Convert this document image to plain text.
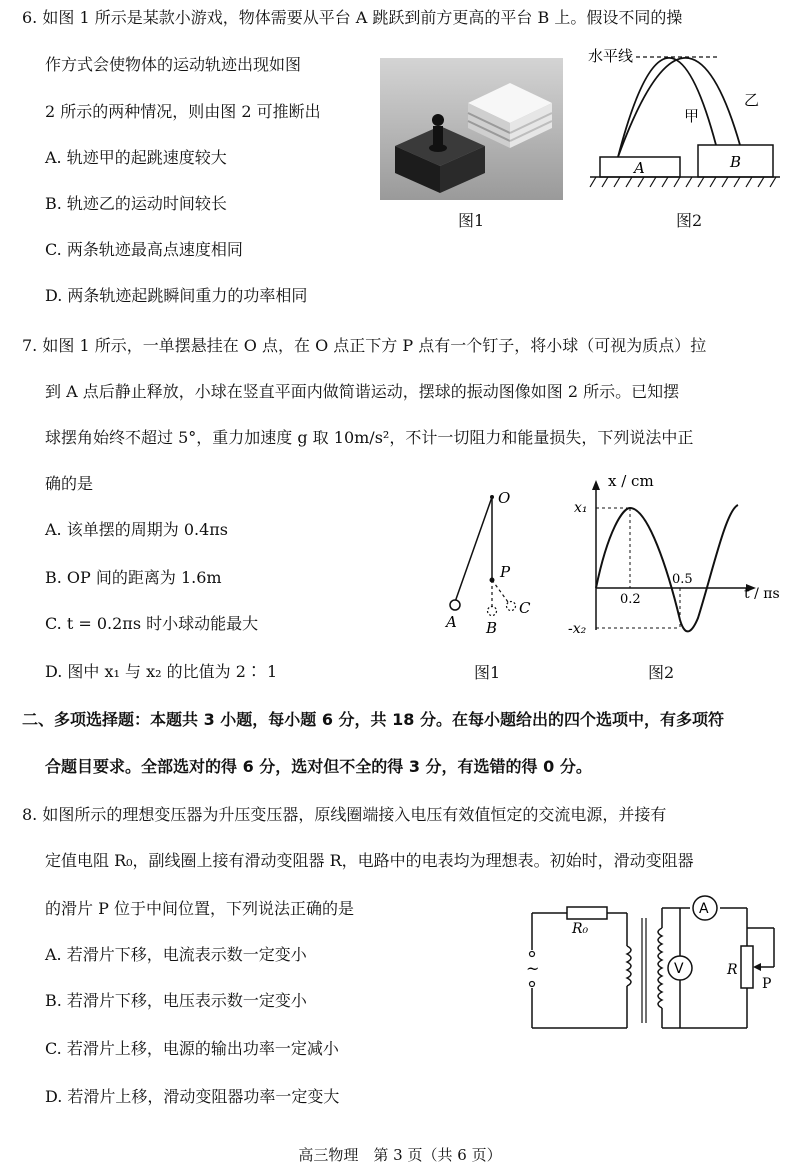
6. 如图 1 所示是某款小游戏，物体需要从平台 A 跳跃到前方更高的平台 B 上。假设不同的操
作方式会使物体的运动轨迹出现如图
2 所示的两种情况，则由图 2 可推断出
A. 轨迹甲的起跳速度较大
B. 轨迹乙的运动时间较长
C. 两条轨迹最高点速度相同
D. 两条轨迹起跳瞬间重力的功率相同
图1
水平线
甲
乙
A	B
图2
7. 如图 1 所示，一单摆悬挂在 O 点，在 O 点正下方 P 点有一个钉子，将小球（可视为质点）拉
到 A 点后静止释放，小球在竖直平面内做简谐运动，摆球的振动图像如图 2 所示。已知摆
球摆角始终不超过 5°，重力加速度 g 取 10m/s²，不计一切阻力和能量损失，下列说法中正
确的是
A. 该单摆的周期为 0.4πs
B. OP 间的距离为 1.6m
C. t = 0.2πs 时小球动能最大
D. 图中 x₁ 与 x₂ 的比值为 2∶ 1
O
P
A B
C
图1
x / cm
t / πs
x₁
-x₂
0.2
0.5
图2
二、多项选择题：本题共 3 小题，每小题 6 分，共 18 分。在每小题给出的四个选项中，有多项符
合题目要求。全部选对的得 6 分，选对但不全的得 3 分，有选错的得 0 分。
8. 如图所示的理想变压器为升压变压器，原线圈端接入电压有效值恒定的交流电源，并接有
定值电阻 R₀，副线圈上接有滑动变阻器 R，电路中的电表均为理想表。初始时，滑动变阻器
的滑片 P 位于中间位置，下列说法正确的是
A. 若滑片下移，电流表示数一定变小
B. 若滑片下移，电压表示数一定变小
C. 若滑片上移，电源的输出功率一定减小
D. 若滑片上移，滑动变阻器功率一定变大
~
R₀
A
V	R
P
高三物理　第 3 页（共 6 页）
